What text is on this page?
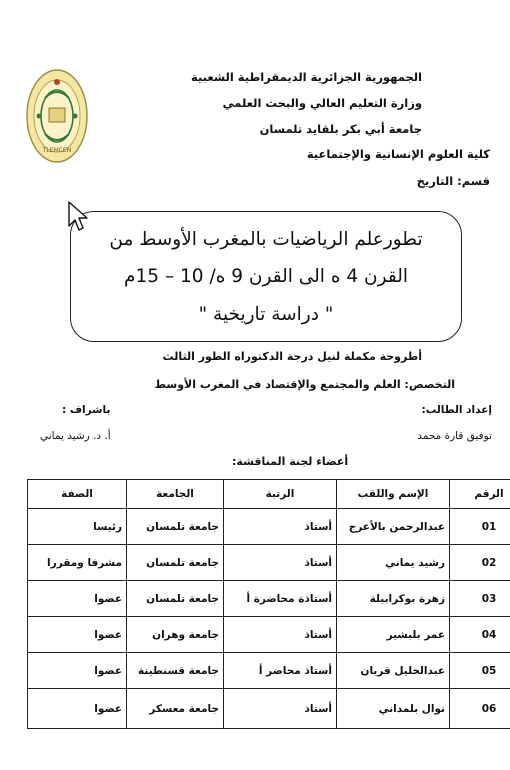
TLEMCEN
الجمهورية الجزائرية الديمقراطية الشعبية
وزارة التعليم العالي والبحث العلمي
جامعة أبي بكر بلقايد تلمسان
كلية العلوم الإنسانية والإجتماعية
قسم: التاريخ
تطورعلم الرياضيات بالمغرب الأوسط من
القرن 4 ه الى القرن 9 ه/ 10 – 15م
" دراسة تاريخية "
أطروحة مكملة لنيل درجة الدكتوراه الطور الثالث
التخصص: العلم والمجتمع والإقتصاد في المغرب الأوسط
إعداد الطالب:
توفيق قارة محمد
باشراف :
أ. د. رشيد يماني
أعضاء لجنة المناقشة:
الرقم	الإسم واللقب	الرتبة	الجامعة	الصفة
01	عبدالرحمن بالأعرج	أستاذ	جامعة تلمسان	رئيسا
02	رشيد يماني	أستاذ	جامعة تلمسان	مشرفا ومقررا
03	زهرة بوكرابيلة	أستاذة محاضرة أ	جامعة تلمسان	عضوا
04	عمر بلبشير	أستاذ	جامعة وهران	عضوا
05	عبدالخليل قريان	أستاذ محاضر أ	جامعة قسنطينة	عضوا
06	نوال بلمداني	أستاذ	جامعة معسكر	عضوا
